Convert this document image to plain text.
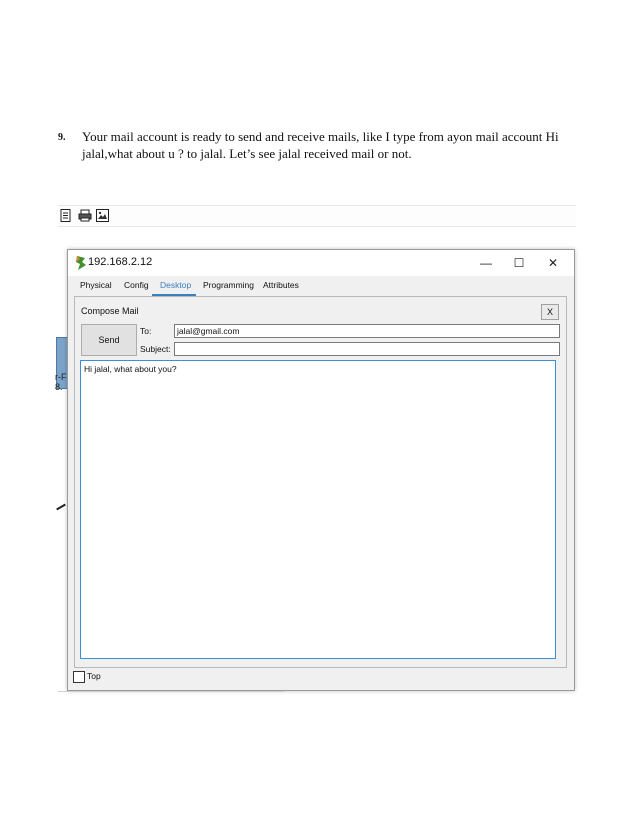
9. Your mail account is ready to send and receive mails, like I type from ayon mail account Hi jalal,what about u ? to jalal. Let’s see jalal received mail or not.
r-F
8.
192.168.2.12	—	☐	✕
Physical Config Desktop Programming Attributes
Compose Mail	X
Send
To:	jalal@gmail.com
Subject:
Hi jalal, what about you?
Top
